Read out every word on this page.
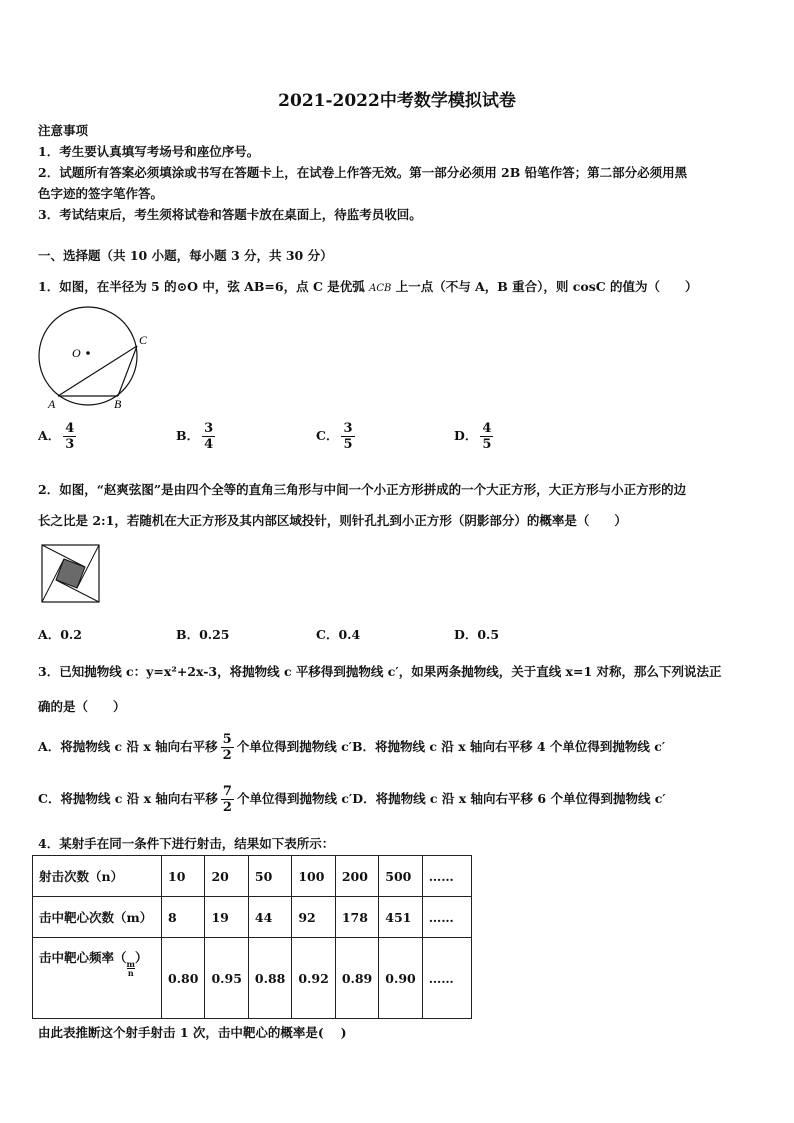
2021-2022中考数学模拟试卷
注意事项
1．考生要认真填写考场号和座位序号。
2．试题所有答案必须填涂或书写在答题卡上，在试卷上作答无效。第一部分必须用 2B 铅笔作答；第二部分必须用黑
色字迹的签字笔作答。
3．考试结束后，考生须将试卷和答题卡放在桌面上，待监考员收回。
一、选择题（共 10 小题，每小题 3 分，共 30 分）
1．如图，在半径为 5 的⊙O 中，弦 AB=6，点 C 是优弧 ACB 上一点（不与 A，B 重合），则 cosC 的值为（　　）
O
A	B
C
A． $\frac{4}{3}$	B． $\frac{3}{4}$	C． $\frac{3}{5}$	D． $\frac{4}{5}$
2．如图，“赵爽弦图”是由四个全等的直角三角形与中间一个小正方形拼成的一个大正方形，大正方形与小正方形的边
长之比是 2:1，若随机在大正方形及其内部区域投针，则针孔扎到小正方形（阴影部分）的概率是（　　）
A．0.2	B．0.25	C．0.4	D．0.5
3．已知抛物线 c：y=x²+2x-3，将抛物线 c 平移得到抛物线 c′，如果两条抛物线，关于直线 x=1 对称，那么下列说法正
确的是（　　）
A．将抛物线 c 沿 x 轴向右平移 $\frac{5}{2}$ 个单位得到抛物线 c′B．将抛物线 c 沿 x 轴向右平移 4 个单位得到抛物线 c′
C．将抛物线 c 沿 x 轴向右平移 $\frac{7}{2}$ 个单位得到抛物线 c′D．将抛物线 c 沿 x 轴向右平移 6 个单位得到抛物线 c′
4．某射手在同一条件下进行射击，结果如下表所示：
射击次数（n）	10	20	50	100	200	500	……
击中靶心次数（m）	8	19	44	92	178	451	……
击中靶心频率（
$\frac{m}{n}$
）	0.80	0.95	0.88	0.92	0.89	0.90	……
由此表推断这个射手射击 1 次，击中靶心的概率是(　 )
